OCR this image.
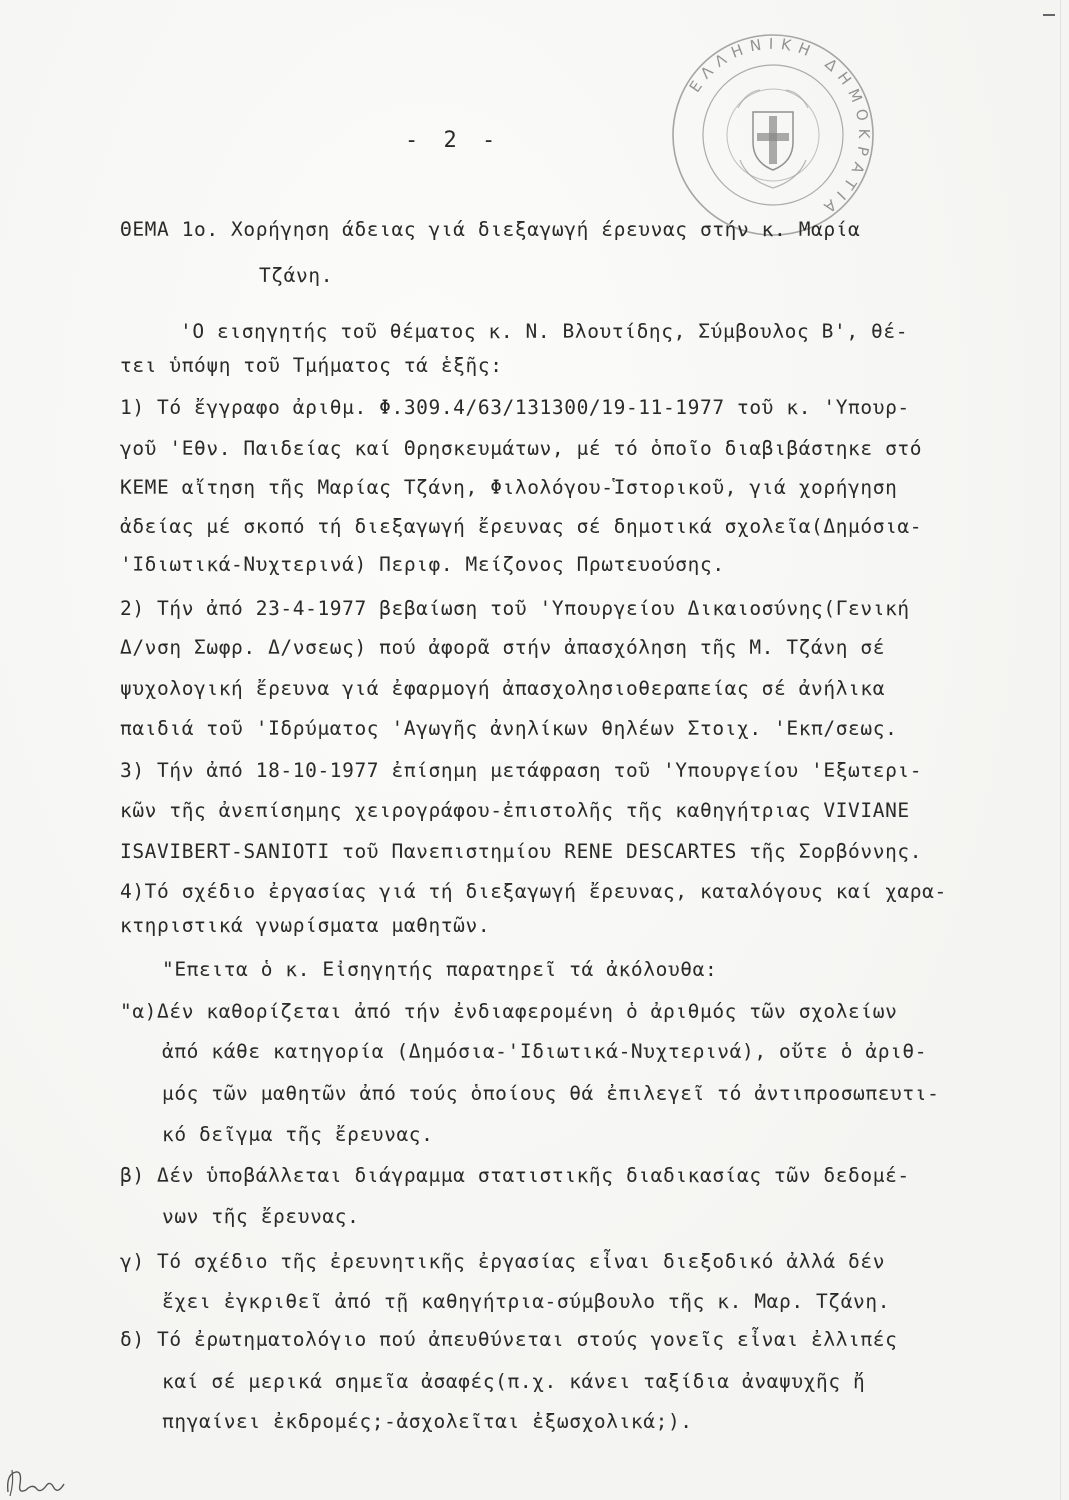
ΕΛΛΗΝΙΚΗ ΔΗΜΟΚΡΑΤΙΑ
- 2 -
ΘΕΜΑ 1ο. Χορήγηση άδειας γιά διεξαγωγή έρευνας στήν κ. Μαρία
Τζάνη.
'Ο εισηγητής τοῦ θέματος κ. Ν. Βλουτίδης, Σύμβουλος Β', θέ-
τει ὑπόψη τοῦ Τμήματος τά ἑξῆς:
1) Τό ἔγγραφο ἀριθμ. Φ.309.4/63/131300/19-11-1977 τοῦ κ. 'Υπουρ-
γοῦ 'Εθν. Παιδείας καί Θρησκευμάτων, μέ τό ὁποῖο διαβιβάστηκε στό
ΚΕΜΕ αἴτηση τῆς Μαρίας Τζάνη, Φιλολόγου-Ἱστορικοῦ, γιά χορήγηση
ἀδείας μέ σκοπό τή διεξαγωγή ἔρευνας σέ δημοτικά σχολεῖα(Δημόσια-
'Ιδιωτικά-Νυχτερινά) Περιφ. Μείζονος Πρωτευούσης.
2) Τήν ἀπό 23-4-1977 βεβαίωση τοῦ 'Υπουργείου Δικαιοσύνης(Γενική
Δ/νση Σωφρ. Δ/νσεως) πού ἀφορᾶ στήν ἀπασχόληση τῆς Μ. Τζάνη σέ
ψυχολογική ἔρευνα γιά ἐφαρμογή ἀπασχολησιοθεραπείας σέ ἀνήλικα
παιδιά τοῦ 'Ιδρύματος 'Αγωγῆς ἀνηλίκων θηλέων Στοιχ. 'Εκπ/σεως.
3) Τήν ἀπό 18-10-1977 ἐπίσημη μετάφραση τοῦ 'Υπουργείου 'Εξωτερι-
κῶν τῆς ἀνεπίσημης χειρογράφου-ἐπιστολῆς τῆς καθηγήτριας VIVIANE
ISAVIBERT-SANIOTI τοῦ Πανεπιστημίου RENE DESCARTES τῆς Σορβόννης.
4)Τό σχέδιο ἐργασίας γιά τή διεξαγωγή ἔρευνας, καταλόγους καί χαρα-
κτηριστικά γνωρίσματα μαθητῶν.
"Επειτα ὁ κ. Εἰσηγητής παρατηρεῖ τά ἀκόλουθα:
"α)Δέν καθορίζεται ἀπό τήν ἐνδιαφερομένη ὁ ἀριθμός τῶν σχολείων
ἀπό κάθε κατηγορία (Δημόσια-'Ιδιωτικά-Νυχτερινά), οὔτε ὁ ἀριθ-
μός τῶν μαθητῶν ἀπό τούς ὁποίους θά ἐπιλεγεῖ τό ἀντιπροσωπευτι-
κό δεῖγμα τῆς ἔρευνας.
β) Δέν ὑποβάλλεται διάγραμμα στατιστικῆς διαδικασίας τῶν δεδομέ-
νων τῆς ἔρευνας.
γ) Τό σχέδιο τῆς ἐρευνητικῆς ἐργασίας εἶναι διεξοδικό ἀλλά δέν
ἔχει ἐγκριθεῖ ἀπό τῇ καθηγήτρια-σύμβουλο τῆς κ. Μαρ. Τζάνη.
δ) Τό ἐρωτηματολόγιο πού ἀπευθύνεται στούς γονεῖς εἶναι ἐλλιπές
καί σέ μερικά σημεῖα ἀσαφές(π.χ. κάνει ταξίδια ἀναψυχῆς ἤ
πηγαίνει ἐκδρομές;-ἀσχολεῖται ἐξωσχολικά;).
